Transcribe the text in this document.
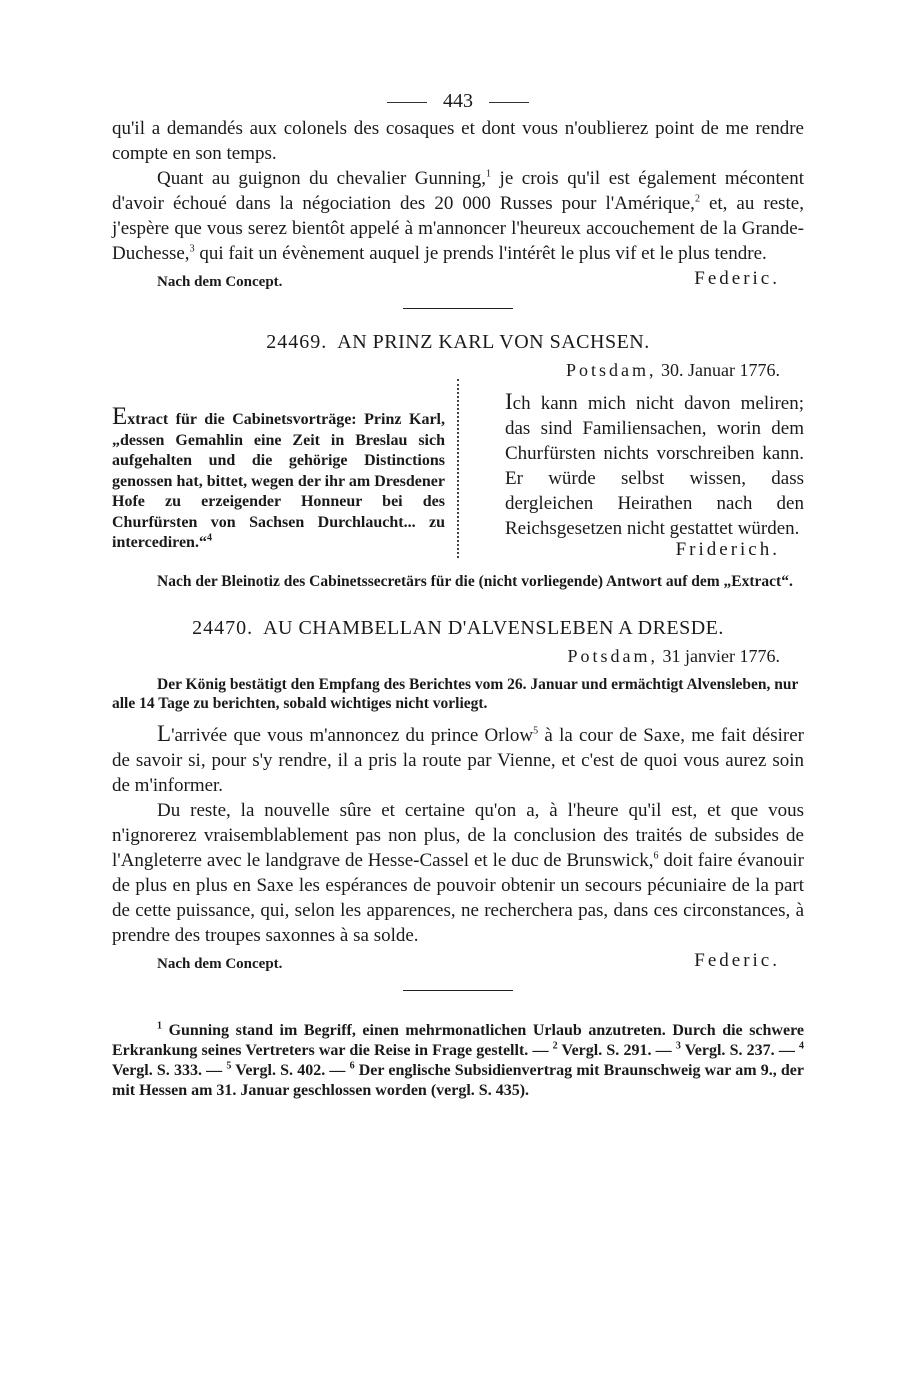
443

qu'il a demandés aux colonels des cosaques et dont vous n'oublierez point de me rendre compte en son temps.

Quant au guignon du chevalier Gunning,$^1$ je crois qu'il est également mécontent d'avoir échoué dans la négociation des 20 000 Russes pour l'Amérique,$^2$ et, au reste, j'espère que vous serez bientôt appelé à m'annoncer l'heureux accouchement de la Grande-Duchesse,$^3$ qui fait un évènement auquel je prends l'intérêt le plus vif et le plus tendre.

Nach dem Concept.	Federic.
24469. AN PRINZ KARL VON SACHSEN.
Potsdam, 30. Januar 1776.
Extract für die Cabinetsvorträge: Prinz Karl, „dessen Gemahlin eine Zeit in Breslau sich aufgehalten und die gehörige Distinctions genossen hat, bittet, wegen der ihr am Dresdener Hofe zu erzeigender Honneur bei des Churfürsten von Sachsen Durchlaucht... zu intercediren.“$^4$

Ich kann mich nicht davon meliren; das sind Familiensachen, worin dem Churfürsten nichts vorschreiben kann. Er würde selbst wissen, dass dergleichen Heirathen nach den Reichsgesetzen nicht gestattet würden.

Friderich.

Nach der Bleinotiz des Cabinetssecretärs für die (nicht vorliegende) Antwort auf dem „Extract“.

24470. AU CHAMBELLAN D'ALVENSLEBEN A DRESDE.
Potsdam, 31 janvier 1776.

Der König bestätigt den Empfang des Berichtes vom 26. Januar und ermächtigt Alvensleben, nur alle 14 Tage zu berichten, sobald wichtiges nicht vorliegt.

L'arrivée que vous m'annoncez du prince Orlow$^5$ à la cour de Saxe, me fait désirer de savoir si, pour s'y rendre, il a pris la route par Vienne, et c'est de quoi vous aurez soin de m'informer.

Du reste, la nouvelle sûre et certaine qu'on a, à l'heure qu'il est, et que vous n'ignorerez vraisemblablement pas non plus, de la conclusion des traités de subsides de l'Angleterre avec le landgrave de Hesse-Cassel et le duc de Brunswick,$^6$ doit faire évanouir de plus en plus en Saxe les espérances de pouvoir obtenir un secours pécuniaire de la part de cette puissance, qui, selon les apparences, ne recherchera pas, dans ces circonstances, à prendre des troupes saxonnes à sa solde.

Nach dem Concept.	Federic.

$^1$ Gunning stand im Begriff, einen mehrmonatlichen Urlaub anzutreten. Durch die schwere Erkrankung seines Vertreters war die Reise in Frage gestellt. — $^2$ Vergl. S. 291. — $^3$ Vergl. S. 237. — $^4$ Vergl. S. 333. — $^5$ Vergl. S. 402. — $^6$ Der englische Subsidienvertrag mit Braunschweig war am 9., der mit Hessen am 31. Januar geschlossen worden (vergl. S. 435).
